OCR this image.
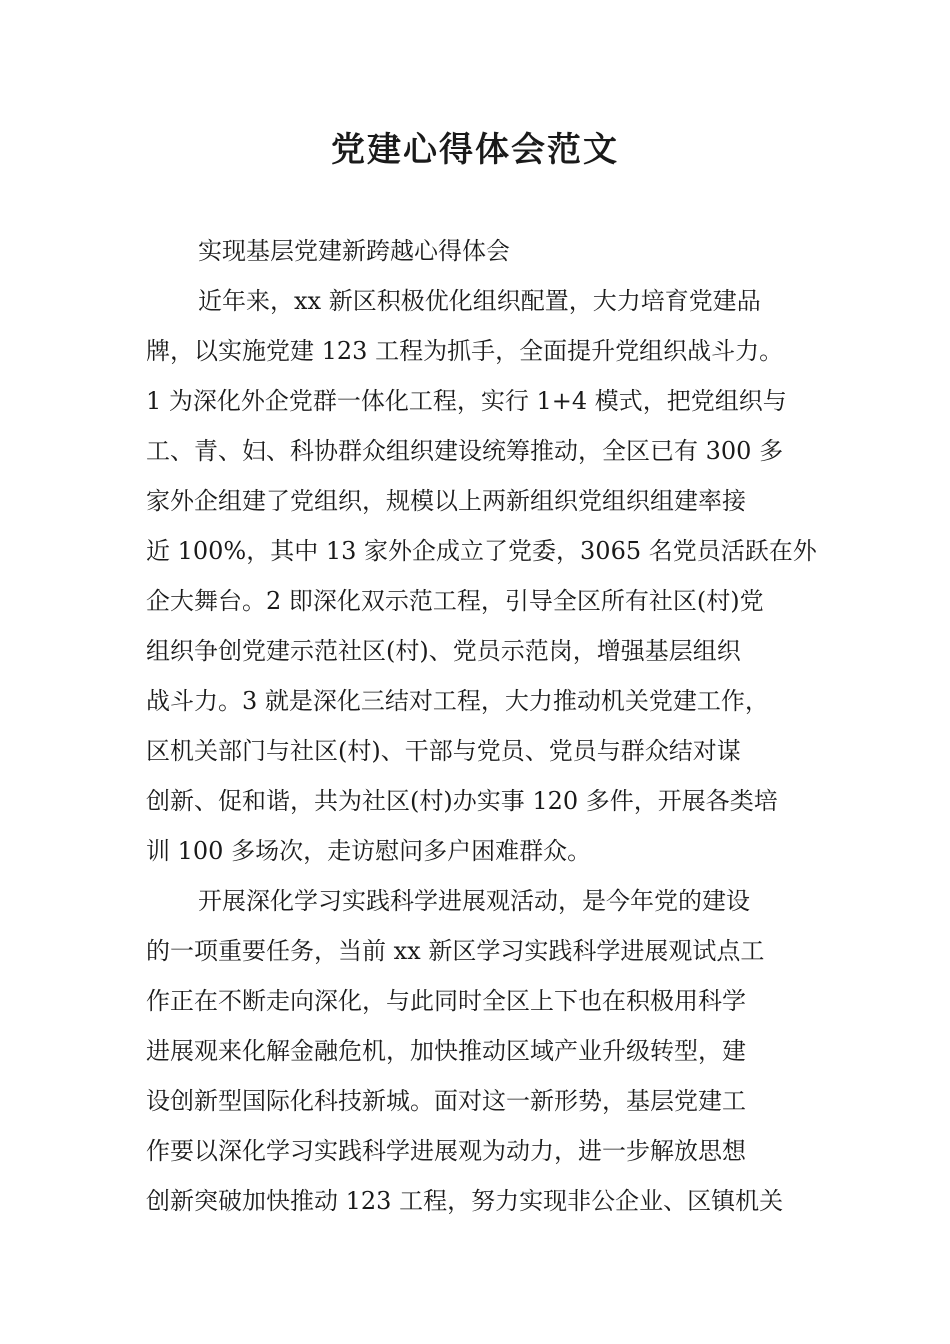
党建心得体会范文
实现基层党建新跨越心得体会
近年来，xx 新区积极优化组织配置，大力培育党建品
牌，以实施党建 123 工程为抓手，全面提升党组织战斗力。
1 为深化外企党群一体化工程，实行 1+4 模式，把党组织与
工、青、妇、科协群众组织建设统筹推动，全区已有 300 多
家外企组建了党组织，规模以上两新组织党组织组建率接
近 100%，其中 13 家外企成立了党委，3065 名党员活跃在外
企大舞台。2 即深化双示范工程，引导全区所有社区(村)党
组织争创党建示范社区(村)、党员示范岗，增强基层组织
战斗力。3 就是深化三结对工程，大力推动机关党建工作，
区机关部门与社区(村)、干部与党员、党员与群众结对谋
创新、促和谐，共为社区(村)办实事 120 多件，开展各类培
训 100 多场次，走访慰问多户困难群众。
开展深化学习实践科学进展观活动，是今年党的建设
的一项重要任务，当前 xx 新区学习实践科学进展观试点工
作正在不断走向深化，与此同时全区上下也在积极用科学
进展观来化解金融危机，加快推动区域产业升级转型，建
设创新型国际化科技新城。面对这一新形势，基层党建工
作要以深化学习实践科学进展观为动力，进一步解放思想
创新突破加快推动 123 工程，努力实现非公企业、区镇机关
